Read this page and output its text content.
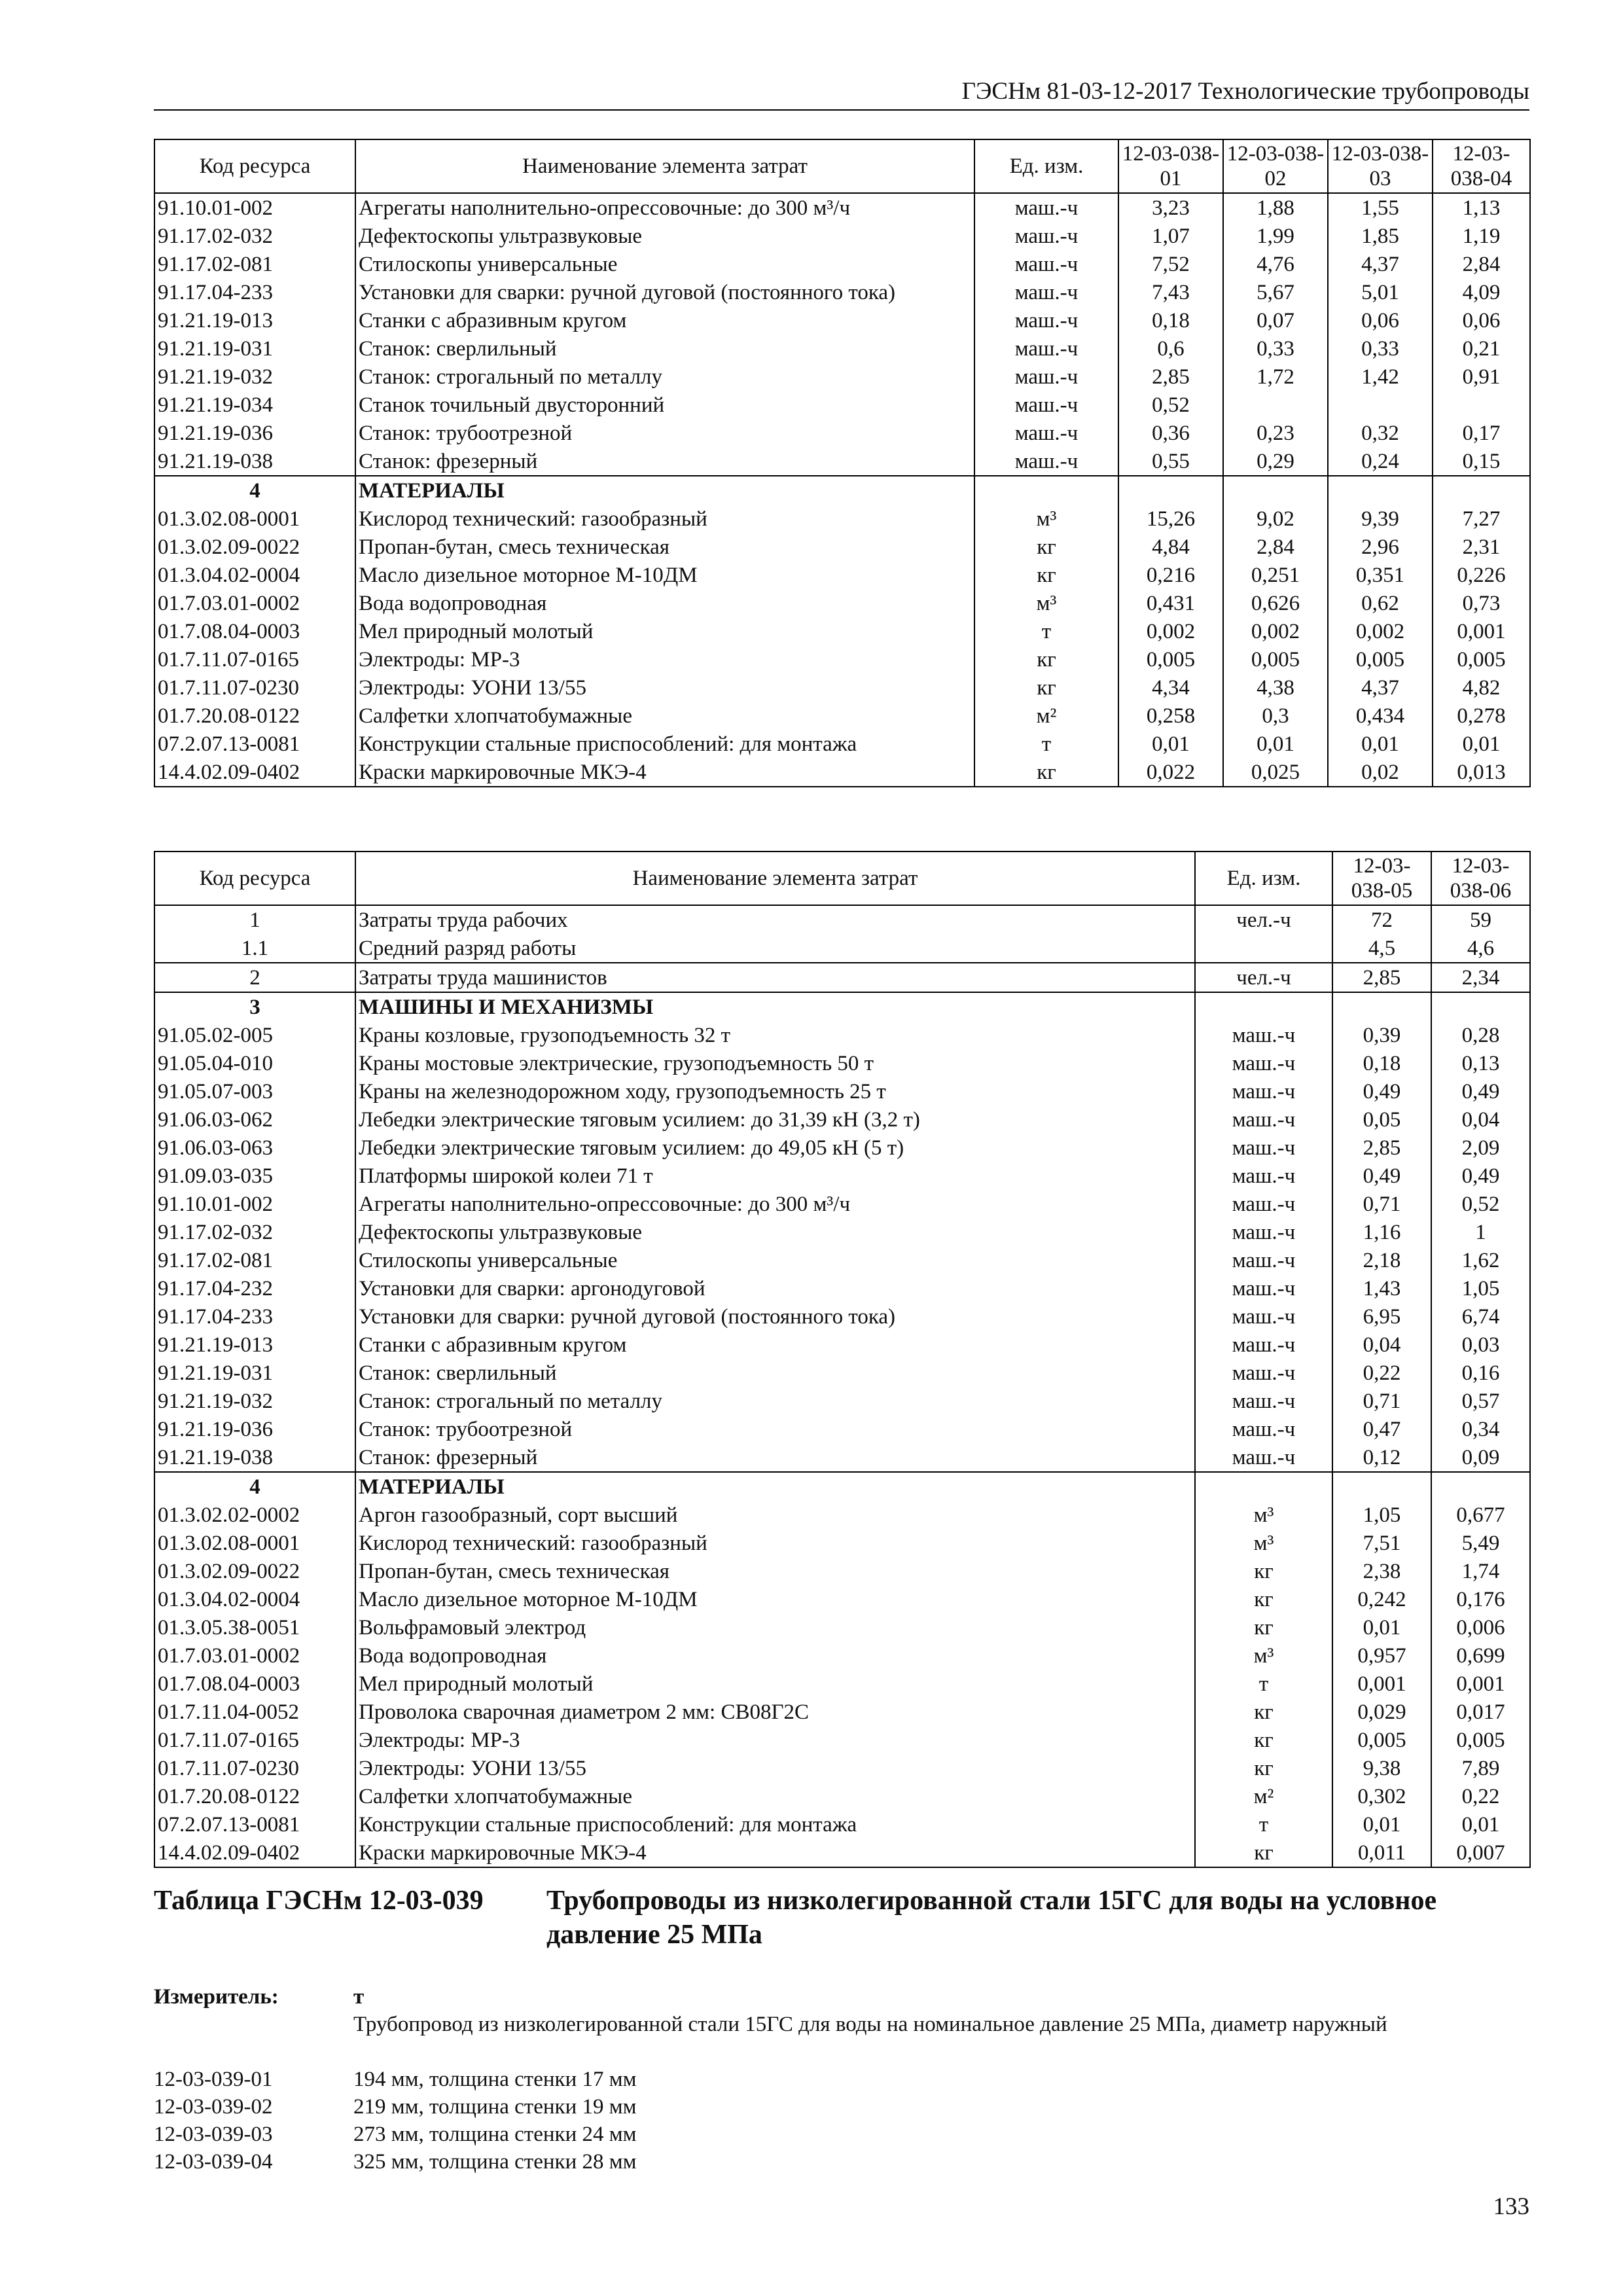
ГЭСНм 81-03-12-2017 Технологические трубопроводы
Код ресурса	Наименование элемента затрат	Ед. изм.	12-03-038-01	12-03-038-02	12-03-038-03	12-03-038-04
91.10.01-002	Агрегаты наполнительно-опрессовочные: до 300 м³/ч	маш.-ч	3,23	1,88	1,55	1,13
91.17.02-032	Дефектоскопы ультразвуковые	маш.-ч	1,07	1,99	1,85	1,19
91.17.02-081	Стилоскопы универсальные	маш.-ч	7,52	4,76	4,37	2,84
91.17.04-233	Установки для сварки: ручной дуговой (постоянного тока)	маш.-ч	7,43	5,67	5,01	4,09
91.21.19-013	Станки с абразивным кругом	маш.-ч	0,18	0,07	0,06	0,06
91.21.19-031	Станок: сверлильный	маш.-ч	0,6	0,33	0,33	0,21
91.21.19-032	Станок: строгальный по металлу	маш.-ч	2,85	1,72	1,42	0,91
91.21.19-034	Станок точильный двусторонний	маш.-ч	0,52			
91.21.19-036	Станок: трубоотрезной	маш.-ч	0,36	0,23	0,32	0,17
91.21.19-038	Станок: фрезерный	маш.-ч	0,55	0,29	0,24	0,15
4	МАТЕРИАЛЫ					
01.3.02.08-0001	Кислород технический: газообразный	м³	15,26	9,02	9,39	7,27
01.3.02.09-0022	Пропан-бутан, смесь техническая	кг	4,84	2,84	2,96	2,31
01.3.04.02-0004	Масло дизельное моторное М-10ДМ	кг	0,216	0,251	0,351	0,226
01.7.03.01-0002	Вода водопроводная	м³	0,431	0,626	0,62	0,73
01.7.08.04-0003	Мел природный молотый	т	0,002	0,002	0,002	0,001
01.7.11.07-0165	Электроды: МР-3	кг	0,005	0,005	0,005	0,005
01.7.11.07-0230	Электроды: УОНИ 13/55	кг	4,34	4,38	4,37	4,82
01.7.20.08-0122	Салфетки хлопчатобумажные	м²	0,258	0,3	0,434	0,278
07.2.07.13-0081	Конструкции стальные приспособлений: для монтажа	т	0,01	0,01	0,01	0,01
14.4.02.09-0402	Краски маркировочные МКЭ-4	кг	0,022	0,025	0,02	0,013
Код ресурса	Наименование элемента затрат	Ед. изм.	12-03-038-05	12-03-038-06
1	Затраты труда рабочих	чел.-ч	72	59
1.1	Средний разряд работы		4,5	4,6
2	Затраты труда машинистов	чел.-ч	2,85	2,34
3	МАШИНЫ И МЕХАНИЗМЫ			
91.05.02-005	Краны козловые, грузоподъемность 32 т	маш.-ч	0,39	0,28
91.05.04-010	Краны мостовые электрические, грузоподъемность 50 т	маш.-ч	0,18	0,13
91.05.07-003	Краны на железнодорожном ходу, грузоподъемность 25 т	маш.-ч	0,49	0,49
91.06.03-062	Лебедки электрические тяговым усилием: до 31,39 кН (3,2 т)	маш.-ч	0,05	0,04
91.06.03-063	Лебедки электрические тяговым усилием: до 49,05 кН (5 т)	маш.-ч	2,85	2,09
91.09.03-035	Платформы широкой колеи 71 т	маш.-ч	0,49	0,49
91.10.01-002	Агрегаты наполнительно-опрессовочные: до 300 м³/ч	маш.-ч	0,71	0,52
91.17.02-032	Дефектоскопы ультразвуковые	маш.-ч	1,16	1
91.17.02-081	Стилоскопы универсальные	маш.-ч	2,18	1,62
91.17.04-232	Установки для сварки: аргонодуговой	маш.-ч	1,43	1,05
91.17.04-233	Установки для сварки: ручной дуговой (постоянного тока)	маш.-ч	6,95	6,74
91.21.19-013	Станки с абразивным кругом	маш.-ч	0,04	0,03
91.21.19-031	Станок: сверлильный	маш.-ч	0,22	0,16
91.21.19-032	Станок: строгальный по металлу	маш.-ч	0,71	0,57
91.21.19-036	Станок: трубоотрезной	маш.-ч	0,47	0,34
91.21.19-038	Станок: фрезерный	маш.-ч	0,12	0,09
4	МАТЕРИАЛЫ			
01.3.02.02-0002	Аргон газообразный, сорт высший	м³	1,05	0,677
01.3.02.08-0001	Кислород технический: газообразный	м³	7,51	5,49
01.3.02.09-0022	Пропан-бутан, смесь техническая	кг	2,38	1,74
01.3.04.02-0004	Масло дизельное моторное М-10ДМ	кг	0,242	0,176
01.3.05.38-0051	Вольфрамовый электрод	кг	0,01	0,006
01.7.03.01-0002	Вода водопроводная	м³	0,957	0,699
01.7.08.04-0003	Мел природный молотый	т	0,001	0,001
01.7.11.04-0052	Проволока сварочная диаметром 2 мм: СВ08Г2С	кг	0,029	0,017
01.7.11.07-0165	Электроды: МР-3	кг	0,005	0,005
01.7.11.07-0230	Электроды: УОНИ 13/55	кг	9,38	7,89
01.7.20.08-0122	Салфетки хлопчатобумажные	м²	0,302	0,22
07.2.07.13-0081	Конструкции стальные приспособлений: для монтажа	т	0,01	0,01
14.4.02.09-0402	Краски маркировочные МКЭ-4	кг	0,011	0,007
Таблица ГЭСНм 12-03-039 Трубопроводы из низколегированной стали 15ГС для воды на условное давление 25 МПа
Измеритель:	т
Трубопровод из низколегированной стали 15ГС для воды на номинальное давление 25 МПа, диаметр наружный
12-03-039-01	194 мм, толщина стенки 17 мм
12-03-039-02	219 мм, толщина стенки 19 мм
12-03-039-03	273 мм, толщина стенки 24 мм
12-03-039-04	325 мм, толщина стенки 28 мм
133
